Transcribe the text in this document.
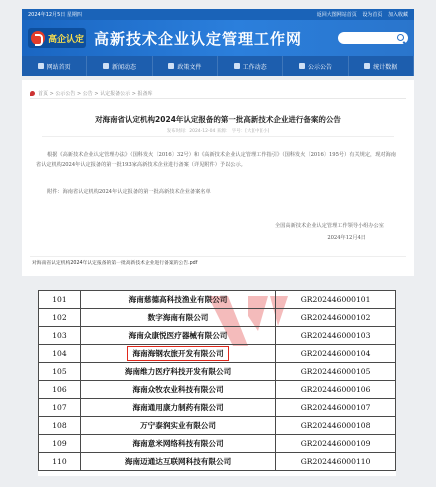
2024年12月5日 星期四	返回大图网站首页 设为首页 加入收藏
高企认定 高新技术企业认定管理工作网
网站首页	新闻动态	政策文件	工作动态	公示公告	统计数据
首页 > 公示公告 > 公告 > 认定报备公示 > 报备库
对海南省认定机构2024年认定报备的第一批高新技术企业进行备案的公告
发布时间：2024-12-04 来源： 字号：[大][中][小]

根据《高新技术企业认定管理办法》（国科发火〔2016〕32号）和《高新技术企业认定管理工作指引》（国科发火〔2016〕195号）有关规定，现对海南省认定机构2024年认定报备的第一批193家高新技术企业进行备案（详见附件）予以公示。

附件：海南省认定机构2024年认定报备的第一批高新技术企业备案名单

全国高新技术企业认定管理工作领导小组办公室
2024年12月4日
对海南省认定机构2024年认定报备的第一批高新技术企业进行备案的公告.pdf
101	海南慈德高科技渔业有限公司	GR202446000101
102	数字海南有限公司	GR202446000102
103	海南众康悦医疗器械有限公司	GR202446000103
104	海南海钢农旅开发有限公司	GR202446000104
105	海南维力医疗科技开发有限公司	GR202446000105
106	海南众牧农业科技有限公司	GR202446000106
107	海南通用康力制药有限公司	GR202446000107
108	万宁泰润实业有限公司	GR202446000108
109	海南意米网络科技有限公司	GR202446000109
110	海南迈通达互联网科技有限公司	GR202446000110
